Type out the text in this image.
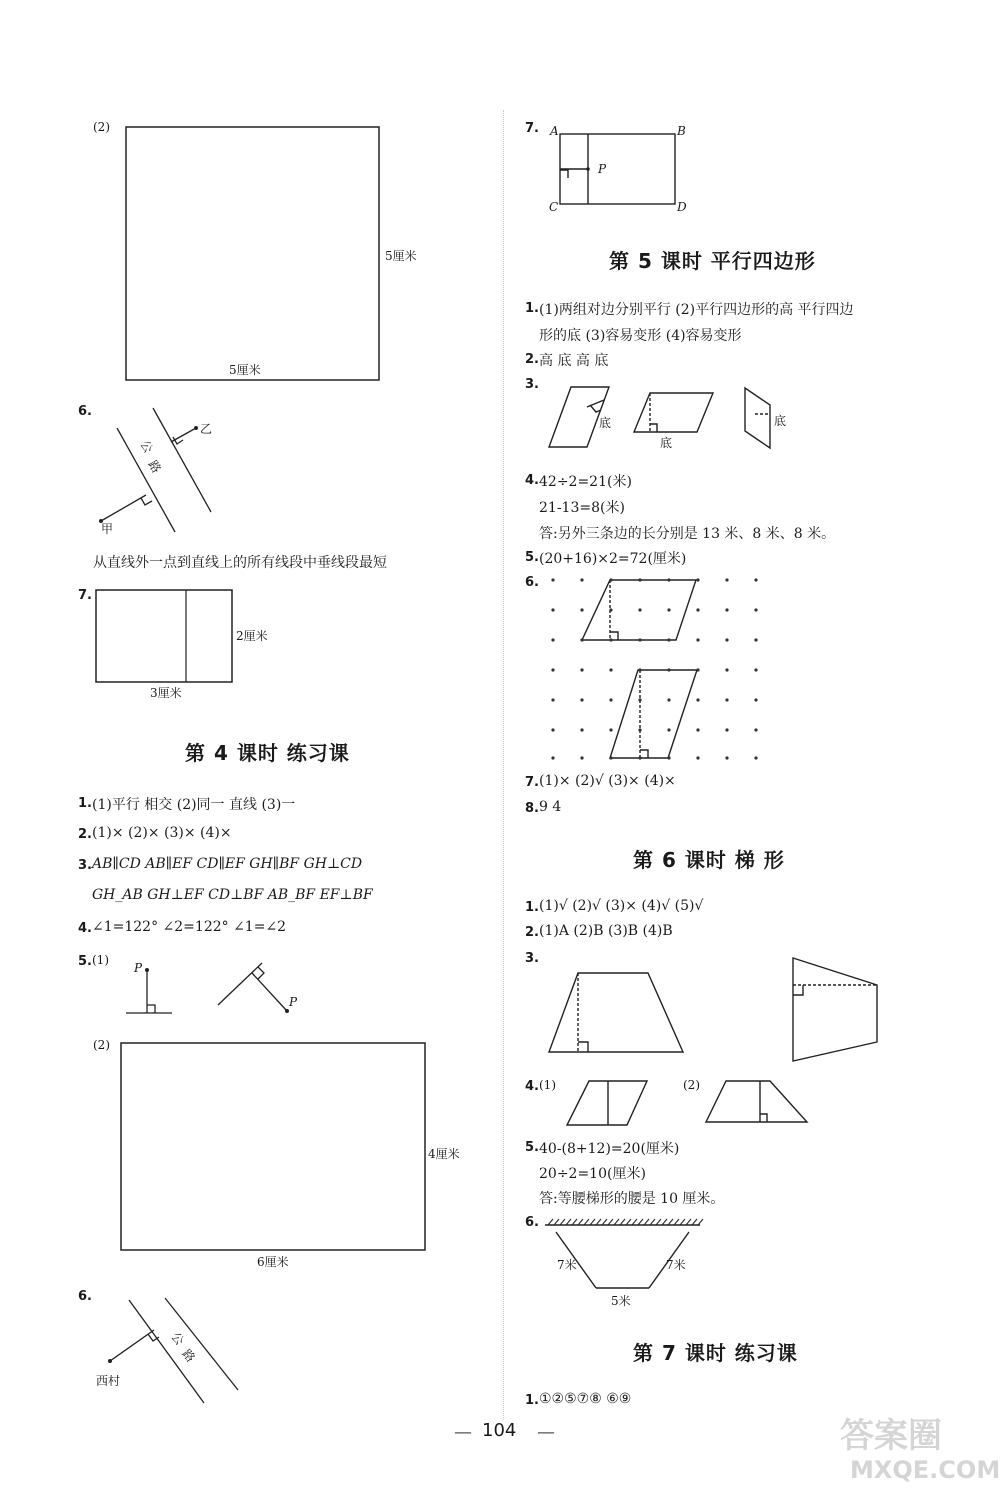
(2)
5厘米
5厘米
6.
公
路
乙
甲
从直线外一点到直线上的所有线段中垂线段最短
7.
2厘米
3厘米
第 4 课时 练习课
1. (1)平行 相交 (2)同一 直线 (3)一
2. (1)× (2)× (3)× (4)×
3. AB∥CD AB∥EF CD∥EF GH∥BF GH⊥CD
GH_AB GH⊥EF CD⊥BF AB_BF EF⊥BF
4. ∠1=122° ∠2=122° ∠1=∠2
5. (1)
P
P
(2)
4厘米
6厘米
6.
公
路
西村
7. A	B
C	D
P
第 5 课时 平行四边形
1. (1)两组对边分别平行 (2)平行四边形的高 平行四边
形的底 (3)容易变形 (4)容易变形
2. 高 底 高 底
3.
底
底
底
4. 42÷2=21(米)
21-13=8(米)
答:另外三条边的长分别是 13 米、8 米、8 米。
5. (20+16)×2=72(厘米)
6.
7. (1)× (2)√ (3)× (4)×
8. 9 4
第 6 课时 梯 形
1. (1)√ (2)√ (3)× (4)√ (5)√
2. (1)A (2)B (3)B (4)B
3.
4. (1)	(2)
5. 40-(8+12)=20(厘米)
20÷2=10(厘米)
答:等腰梯形的腰是 10 厘米。
6.
7米	7米
5米
第 7 课时 练习课
1. ①②⑤⑦⑧ ⑥⑨
— 104 —	答案圈
MXQE.COM
